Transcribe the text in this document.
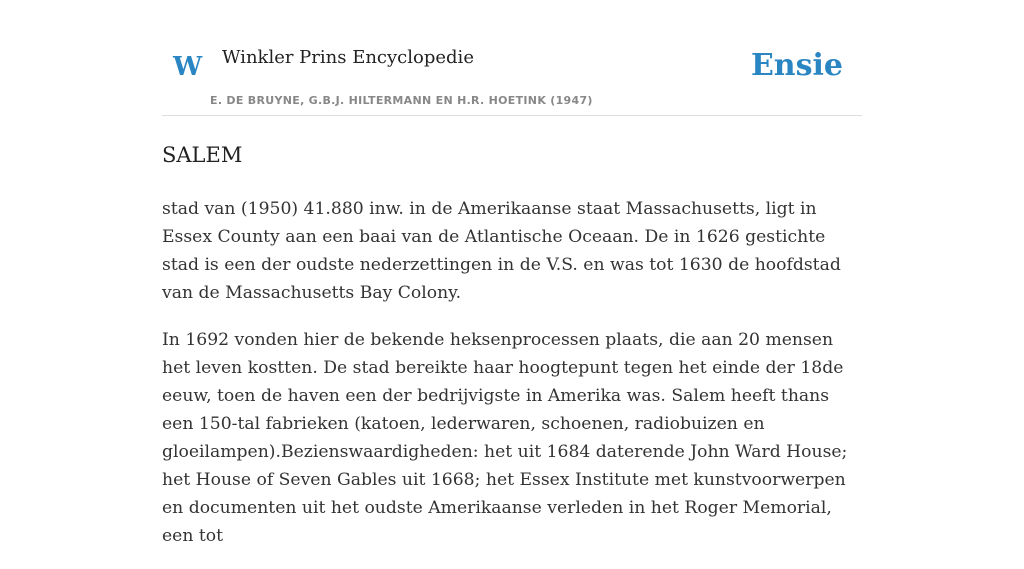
W Winkler Prins Encyclopedie
E. DE BRUYNE, G.B.J. HILTERMANN EN H.R. HOETINK (1947)
Ensie
SALEM

stad van (1950) 41.880 inw. in de Amerikaanse staat Massachusetts, ligt in Essex County aan een baai van de Atlantische Oceaan. De in 1626 gestichte stad is een der oudste nederzettingen in de V.S. en was tot 1630 de hoofdstad van de Massachusetts Bay Colony.

In 1692 vonden hier de bekende heksenprocessen plaats, die aan 20 mensen het leven kostten. De stad bereikte haar hoogtepunt tegen het einde der 18de eeuw, toen de haven een der bedrijvigste in Amerika was. Salem heeft thans een 150-tal fabrieken (katoen, lederwaren, schoenen, radiobuizen en gloeilampen).Bezienswaardigheden: het uit 1684 daterende John Ward House; het House of Seven Gables uit 1668; het Essex Institute met kunstvoorwerpen en documenten uit het oudste Amerikaanse verleden in het Roger Memorial, een tot
